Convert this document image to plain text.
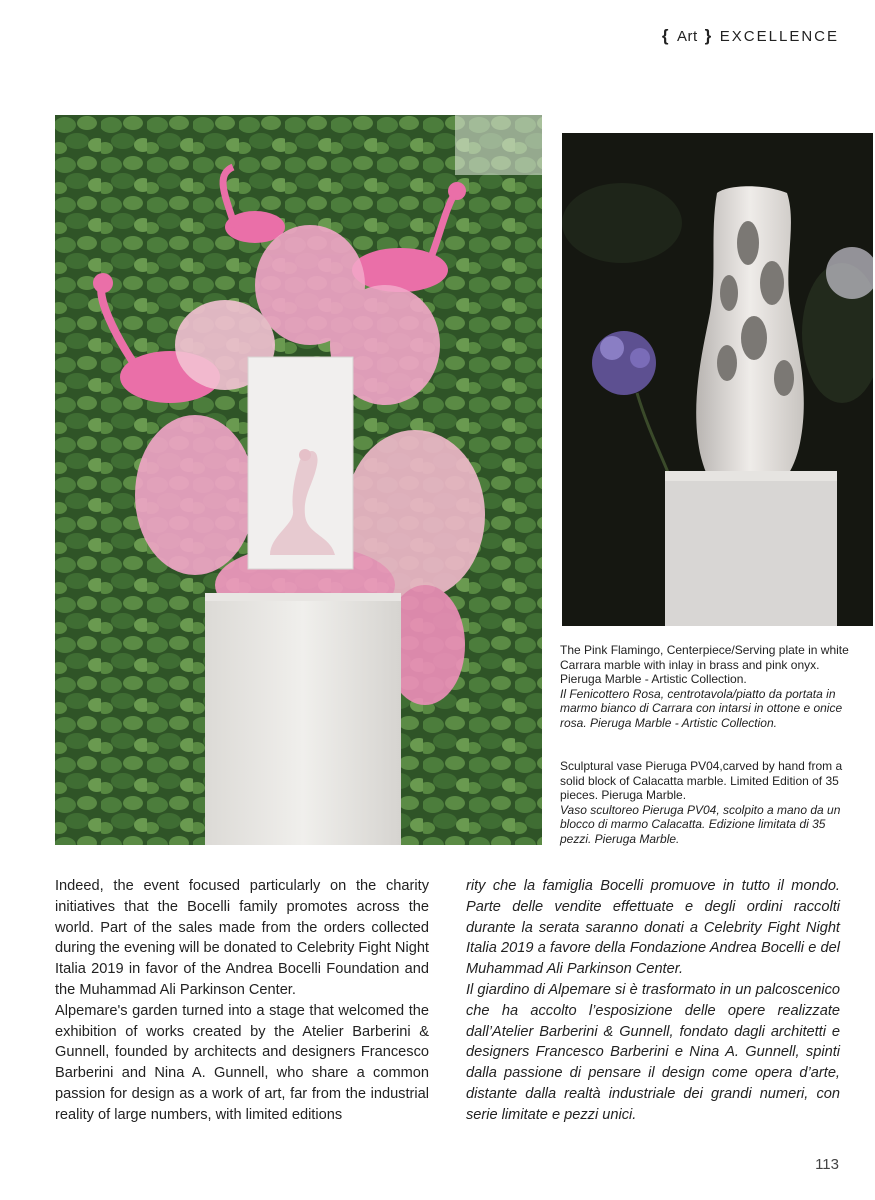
{ Art } EXCELLENCE

The Pink Flamingo, Centerpiece/Serving plate in white Carrara marble with inlay in brass and pink onyx. Pieruga Marble - Artistic Collection.

Il Fenicottero Rosa, centrotavola/piatto da portata in marmo bianco di Carrara con intarsi in ottone e onice rosa. Pieruga Marble - Artistic Collection.

Sculptural vase Pieruga PV04,carved by hand from a solid block of Calacatta marble. Limited Edition of 35 pieces. Pieruga Marble.

Vaso scultoreo Pieruga PV04, scolpito a mano da un blocco di marmo Calacatta. Edizione limitata di 35 pezzi. Pieruga Marble.

Indeed, the event focused particularly on the charity initiatives that the Bocelli family promotes across the world. Part of the sales made from the orders collected during the evening will be donated to Celebrity Fight Night Italia 2019 in favor of the Andrea Bocelli Foundation and the Muhammad Ali Parkinson Center.

Alpemare's garden turned into a stage that welcomed the exhibition of works created by the Atelier Barberini & Gunnell, founded by architects and designers Francesco Barberini and Nina A. Gunnell, who share a common passion for design as a work of art, far from the industrial reality of large numbers, with limited editions

rity che la famiglia Bocelli promuove in tutto il mondo. Parte delle vendite effettuate e degli ordini raccolti durante la serata saranno donati a Celebrity Fight Night Italia 2019 a favore della Fondazione Andrea Bocelli e del Muhammad Ali Parkinson Center.

Il giardino di Alpemare si è trasformato in un palcoscenico che ha accolto l’esposizione delle opere realizzate dall’Atelier Barberini & Gunnell, fondato dagli architetti e designers Francesco Barberini e Nina A. Gunnell, spinti dalla passione di pensare il design come opera d’arte, distante dalla realtà industriale dei grandi numeri, con serie limitate e pezzi unici.

113
